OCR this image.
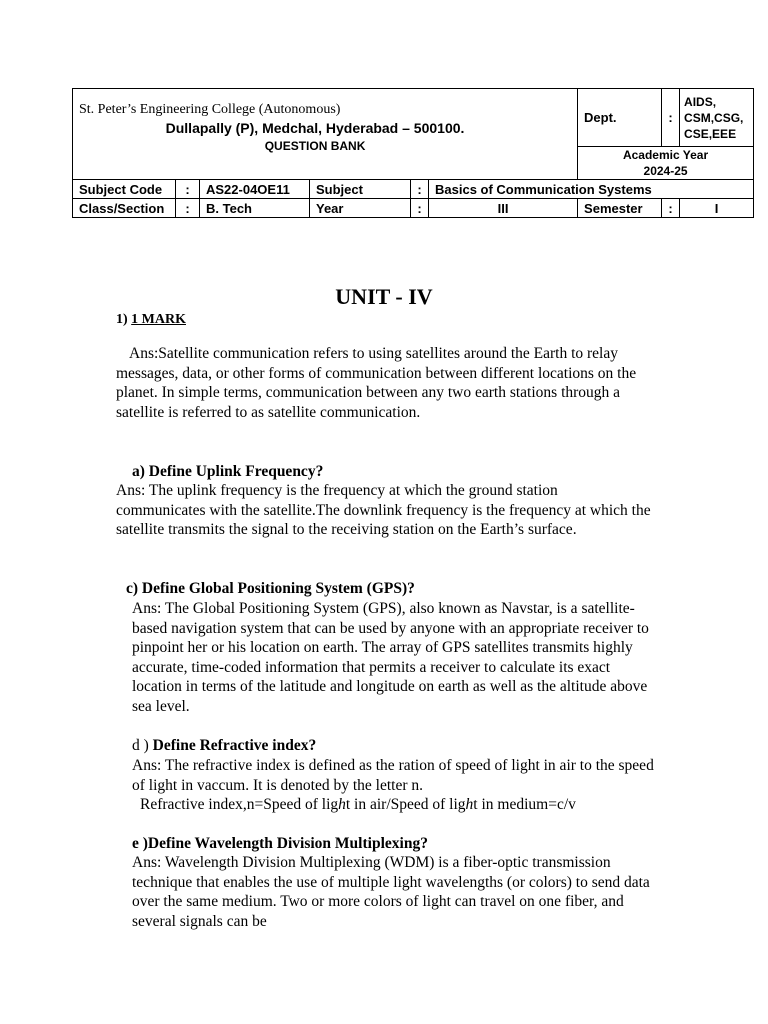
St. Peter’s Engineering College (Autonomous)
Dullapally (P), Medchal, Hyderabad – 500100.
QUESTION BANK						Dept.	:	AIDS, CSM,CSG, CSE,EEE

						Academic Year
2024-25		

Subject Code	:	AS22-04OE11	Subject	:	Basics of Communication Systems			
Class/Section	:	B. Tech	Year	:	III	Semester	:	I
UNIT - IV
1) 1 MARK

Ans:Satellite communication refers to using satellites around the Earth to relay messages, data, or other forms of communication between different locations on the planet. In simple terms, communication between any two earth stations through a satellite is referred to as satellite communication.

a) Define Uplink Frequency?

Ans: The uplink frequency is the frequency at which the ground station communicates with the satellite.The downlink frequency is the frequency at which the satellite transmits the signal to the receiving station on the Earth’s surface.

c) Define Global Positioning System (GPS)?

Ans: The Global Positioning System (GPS), also known as Navstar, is a satellite-based navigation system that can be used by anyone with an appropriate receiver to pinpoint her or his location on earth. The array of GPS satellites transmits highly accurate, time-coded information that permits a receiver to calculate its exact location in terms of the latitude and longitude on earth as well as the altitude above sea level.

d ) Define Refractive index?

Ans: The refractive index is defined as the ration of speed of light in air to the speed of light in vaccum. It is denoted by the letter n.

Refractive index,n=Speed of light in air/Speed of light in medium=c/v
e )Define Wavelength Division Multiplexing?

Ans: Wavelength Division Multiplexing (WDM) is a fiber-optic transmission technique that enables the use of multiple light wavelengths (or colors) to send data over the same medium. Two or more colors of light can travel on one fiber, and several signals can be
